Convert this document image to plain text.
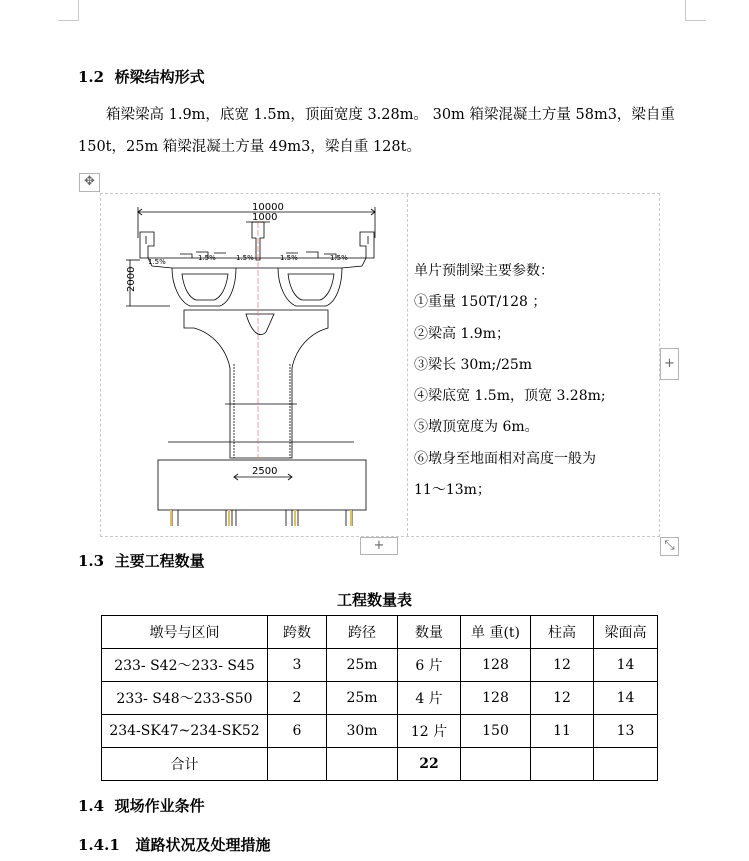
1.2 桥梁结构形式
箱梁梁高 1.9m，底宽 1.5m，顶面宽度 3.28m。 30m 箱梁混凝土方量 58m3，梁自重 150t，25m 箱梁混凝土方量 49m3，梁自重 128t。
✥
单片预制梁主要参数：
①重量 150T/128 ；
②梁高 1.9m；
③梁长 30m;/25m
④梁底宽 1.5m，顶宽 3.28m;
⑤墩顶宽度为 6m。
⑥墩身至地面相对高度一般为
11～13m；
10000
1000
2000
2500
1.5%	1.5%	1.5%	1.5%	1.5%
+
+	⤡
1.3 主要工程数量
工程数量表
墩号与区间	跨数	跨径	数量	单 重(t)	柱高	梁面高
233- S42～233- S45	3	25m	6 片	128	12	14
233- S48～233-S50	2	25m	4 片	128	12	14
234-SK47~234-SK52	6	30m	12 片	150	11	13
合计			22			
1.4 现场作业条件
1.4.1 道路状况及处理措施
